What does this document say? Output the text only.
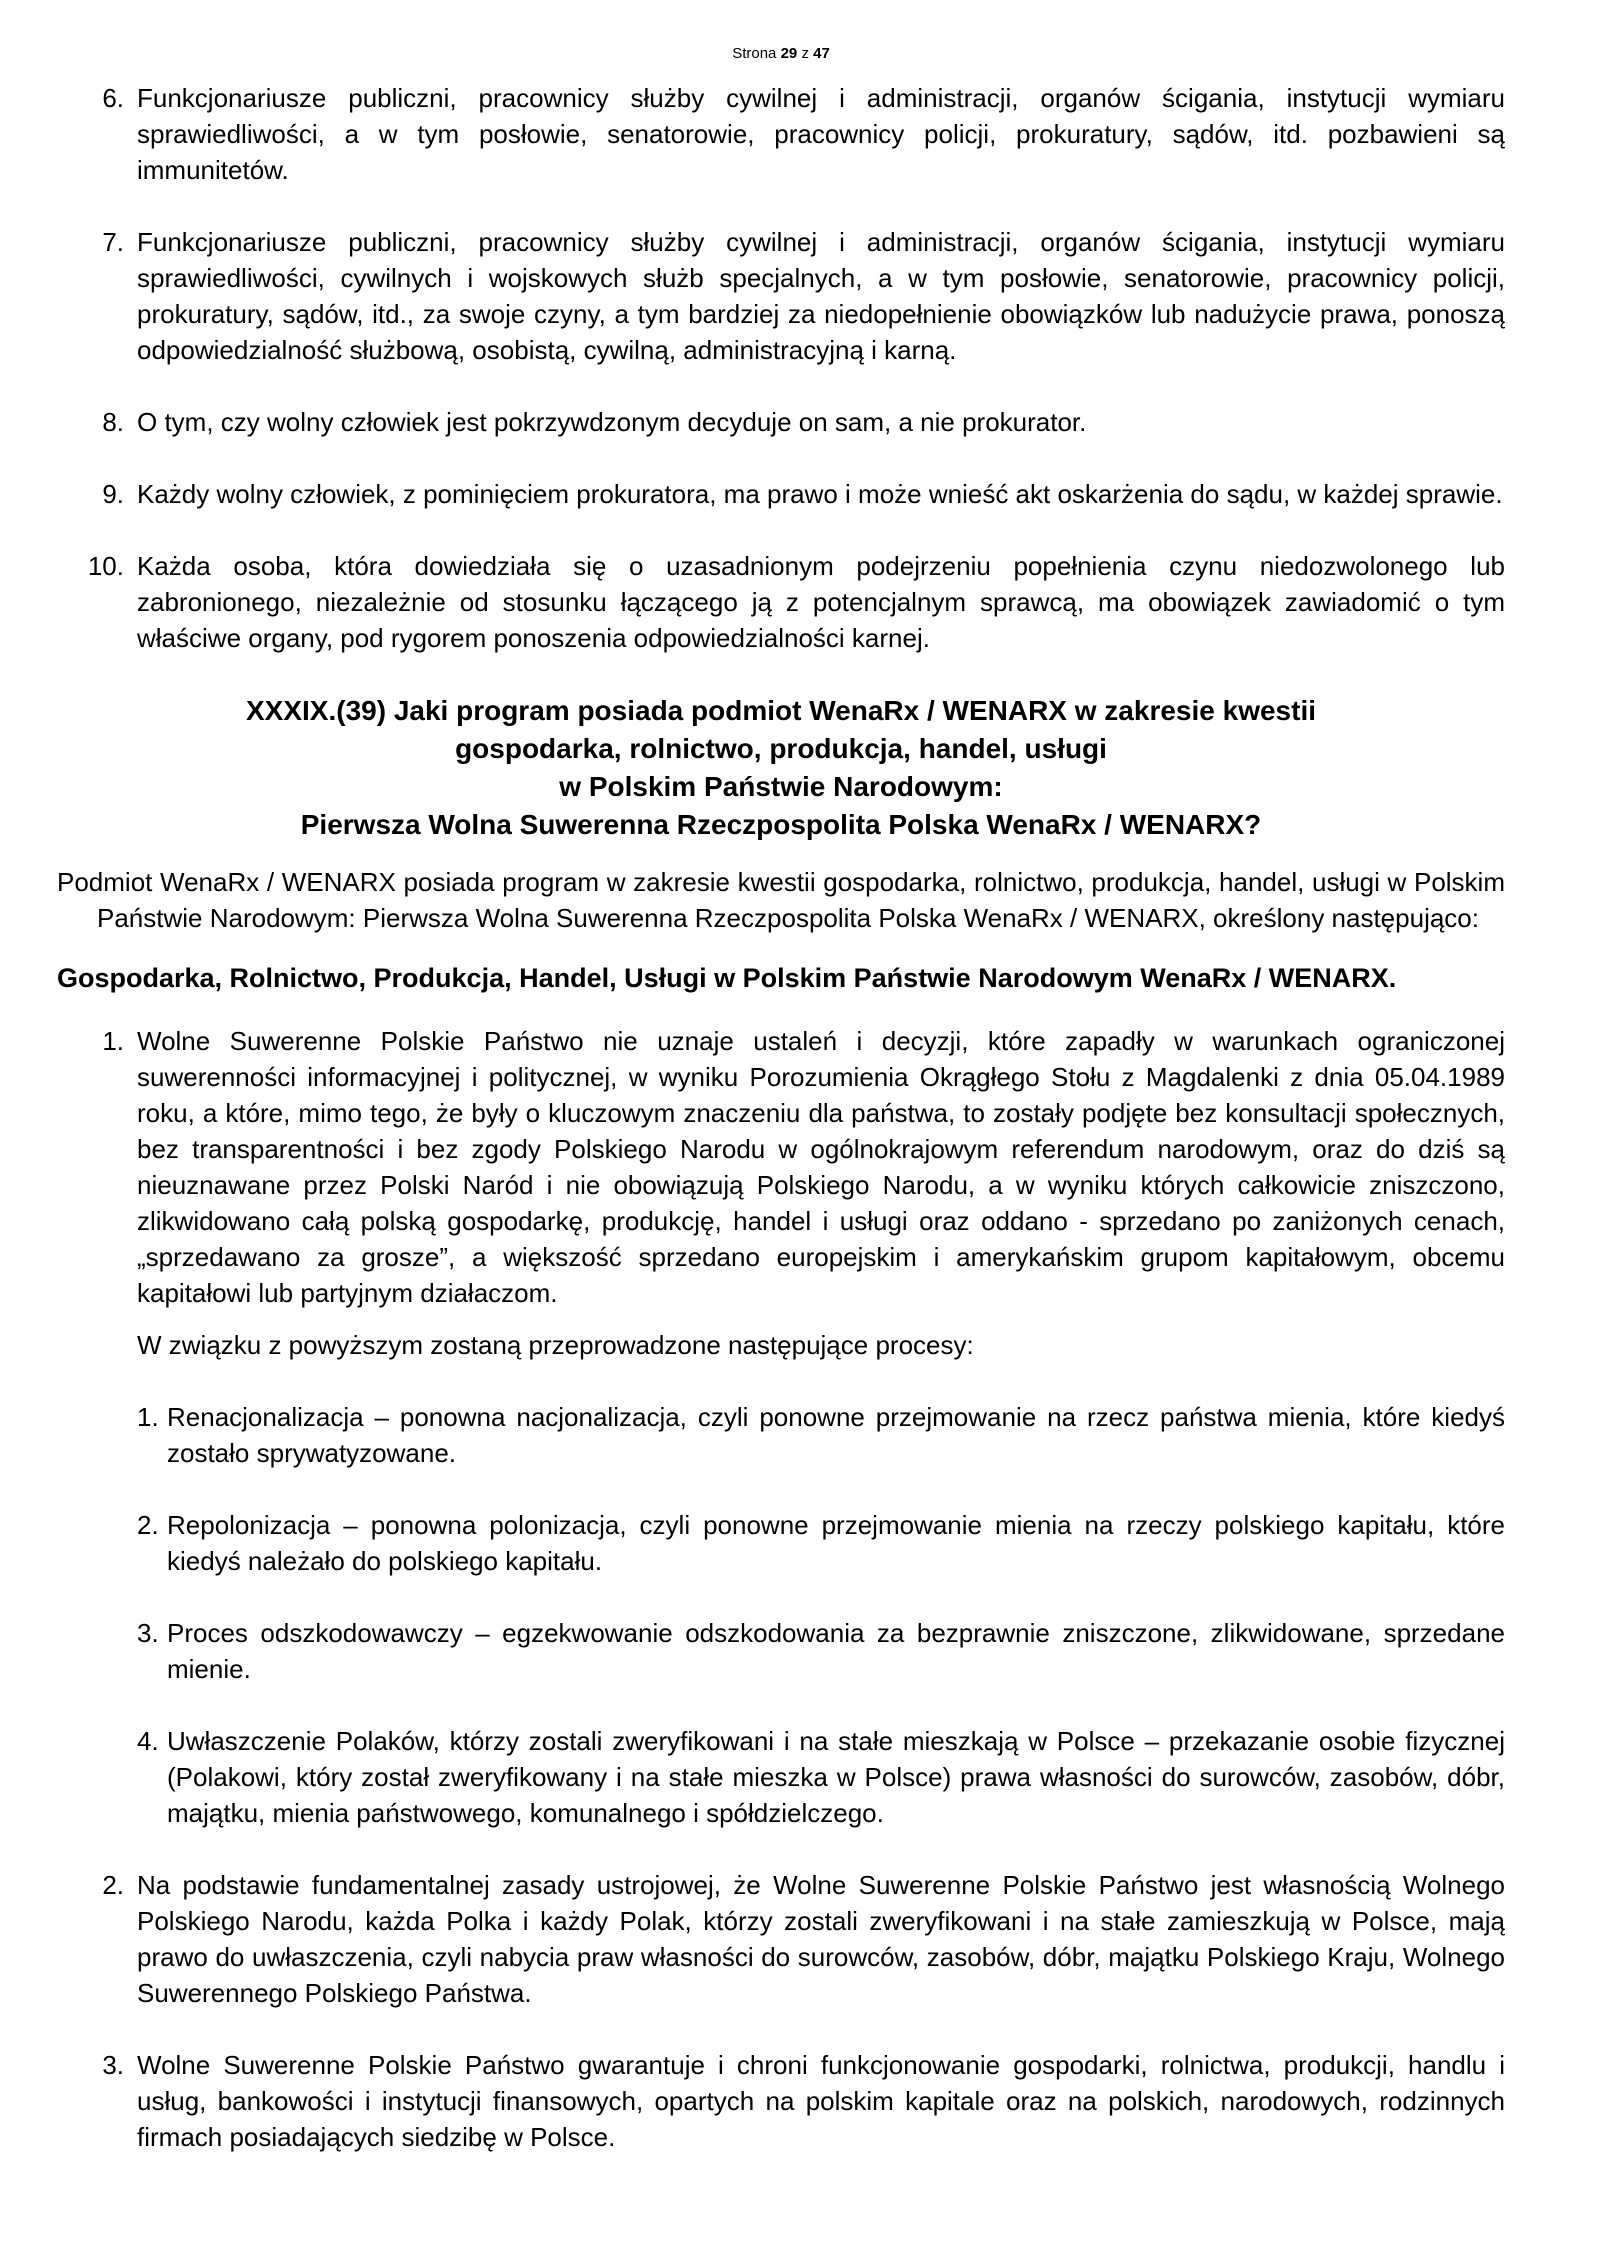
Strona 29 z 47
6. Funkcjonariusze publiczni, pracownicy służby cywilnej i administracji, organów ścigania, instytucji wymiaru sprawiedliwości, a w tym posłowie, senatorowie, pracownicy policji, prokuratury, sądów, itd. pozbawieni są immunitetów.

7. Funkcjonariusze publiczni, pracownicy służby cywilnej i administracji, organów ścigania, instytucji wymiaru sprawiedliwości, cywilnych i wojskowych służb specjalnych, a w tym posłowie, senatorowie, pracownicy policji, prokuratury, sądów, itd., za swoje czyny, a tym bardziej za niedopełnienie obowiązków lub nadużycie prawa, ponoszą odpowiedzialność służbową, osobistą, cywilną, administracyjną i karną.

8. O tym, czy wolny człowiek jest pokrzywdzonym decyduje on sam, a nie prokurator.

9. Każdy wolny człowiek, z pominięciem prokuratora, ma prawo i może wnieść akt oskarżenia do sądu, w każdej sprawie.

10. Każda osoba, która dowiedziała się o uzasadnionym podejrzeniu popełnienia czynu niedozwolonego lub zabronionego, niezależnie od stosunku łączącego ją z potencjalnym sprawcą, ma obowiązek zawiadomić o tym właściwe organy, pod rygorem ponoszenia odpowiedzialności karnej.

XXXIX.(39) Jaki program posiada podmiot WenaRx / WENARX w zakresie kwestii
gospodarka, rolnictwo, produkcja, handel, usługi
w Polskim Państwie Narodowym:
Pierwsza Wolna Suwerenna Rzeczpospolita Polska WenaRx / WENARX?

Podmiot WenaRx / WENARX posiada program w zakresie kwestii gospodarka, rolnictwo, produkcja, handel, usługi w Polskim Państwie Narodowym: Pierwsza Wolna Suwerenna Rzeczpospolita Polska WenaRx / WENARX, określony następująco:

Gospodarka, Rolnictwo, Produkcja, Handel, Usługi w Polskim Państwie Narodowym WenaRx / WENARX.

1. Wolne Suwerenne Polskie Państwo nie uznaje ustaleń i decyzji, które zapadły w warunkach ograniczonej suwerenności informacyjnej i politycznej, w wyniku Porozumienia Okrągłego Stołu z Magdalenki z dnia 05.04.1989 roku, a które, mimo tego, że były o kluczowym znaczeniu dla państwa, to zostały podjęte bez konsultacji społecznych, bez transparentności i bez zgody Polskiego Narodu w ogólnokrajowym referendum narodowym, oraz do dziś są nieuznawane przez Polski Naród i nie obowiązują Polskiego Narodu, a w wyniku których całkowicie zniszczono, zlikwidowano całą polską gospodarkę, produkcję, handel i usługi oraz oddano - sprzedano po zaniżonych cenach, „sprzedawano za grosze”, a większość sprzedano europejskim i amerykańskim grupom kapitałowym, obcemu kapitałowi lub partyjnym działaczom.

W związku z powyższym zostaną przeprowadzone następujące procesy:

1. Renacjonalizacja – ponowna nacjonalizacja, czyli ponowne przejmowanie na rzecz państwa mienia, które kiedyś zostało sprywatyzowane.

2. Repolonizacja – ponowna polonizacja, czyli ponowne przejmowanie mienia na rzeczy polskiego kapitału, które kiedyś należało do polskiego kapitału.

3. Proces odszkodowawczy – egzekwowanie odszkodowania za bezprawnie zniszczone, zlikwidowane, sprzedane mienie.

4. Uwłaszczenie Polaków, którzy zostali zweryfikowani i na stałe mieszkają w Polsce – przekazanie osobie fizycznej (Polakowi, który został zweryfikowany i na stałe mieszka w Polsce) prawa własności do surowców, zasobów, dóbr, majątku, mienia państwowego, komunalnego i spółdzielczego.

2. Na podstawie fundamentalnej zasady ustrojowej, że Wolne Suwerenne Polskie Państwo jest własnością Wolnego Polskiego Narodu, każda Polka i każdy Polak, którzy zostali zweryfikowani i na stałe zamieszkują w Polsce, mają prawo do uwłaszczenia, czyli nabycia praw własności do surowców, zasobów, dóbr, majątku Polskiego Kraju, Wolnego Suwerennego Polskiego Państwa.

3. Wolne Suwerenne Polskie Państwo gwarantuje i chroni funkcjonowanie gospodarki, rolnictwa, produkcji, handlu i usług, bankowości i instytucji finansowych, opartych na polskim kapitale oraz na polskich, narodowych, rodzinnych firmach posiadających siedzibę w Polsce.
